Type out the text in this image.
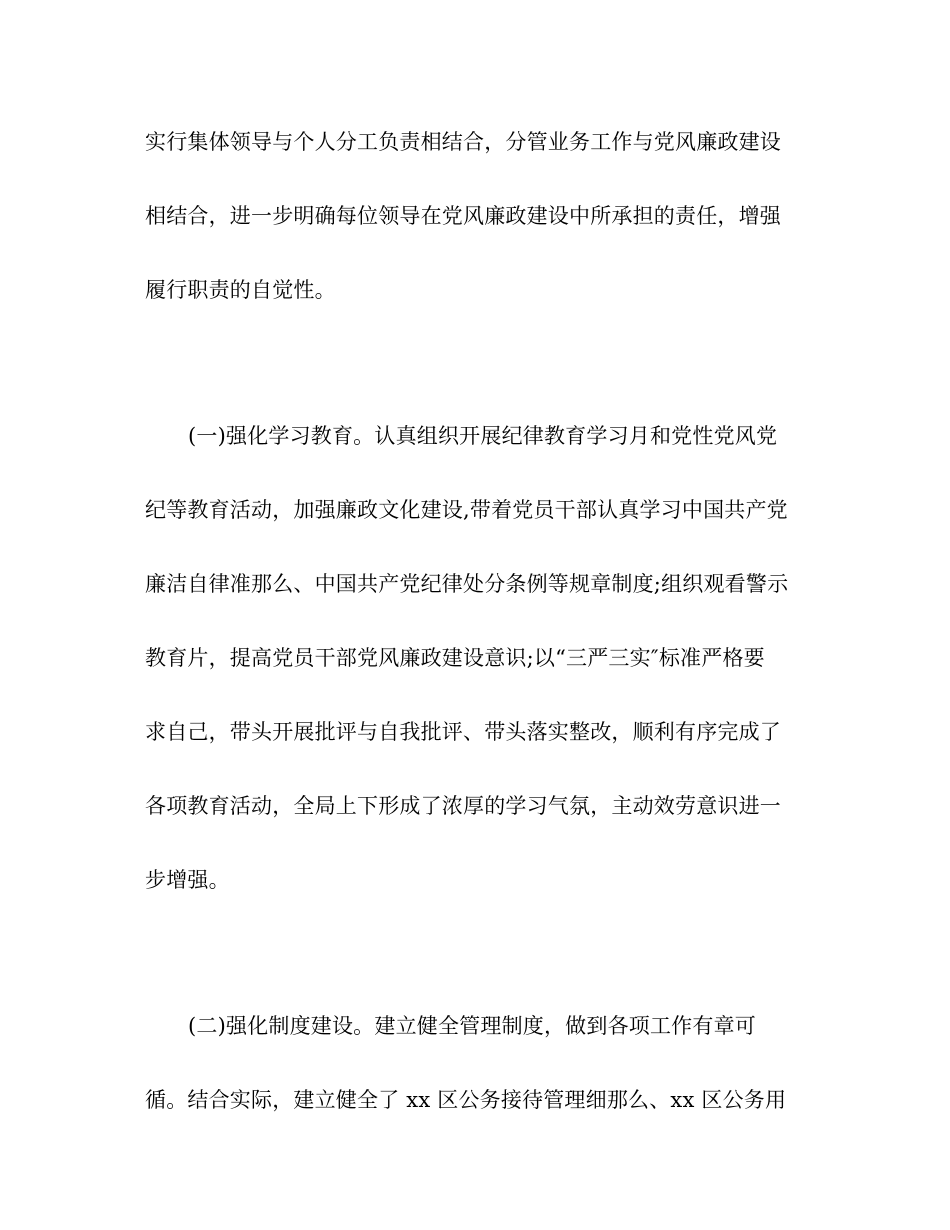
实行集体领导与个人分工负责相结合，分管业务工作与党风廉政建设
相结合，进一步明确每位领导在党风廉政建设中所承担的责任，增强
履行职责的自觉性。
(一)强化学习教育。认真组织开展纪律教育学习月和党性党风党
纪等教育活动，加强廉政文化建设,带着党员干部认真学习中国共产党
廉洁自律准那么、中国共产党纪律处分条例等规章制度;组织观看警示
教育片，提高党员干部党风廉政建设意识;以“三严三实″标准严格要
求自己，带头开展批评与自我批评、带头落实整改，顺利有序完成了
各项教育活动，全局上下形成了浓厚的学习气氛，主动效劳意识进一
步增强。
(二)强化制度建设。建立健全管理制度，做到各项工作有章可
循。结合实际，建立健全了 xx 区公务接待管理细那么、xx 区公务用
